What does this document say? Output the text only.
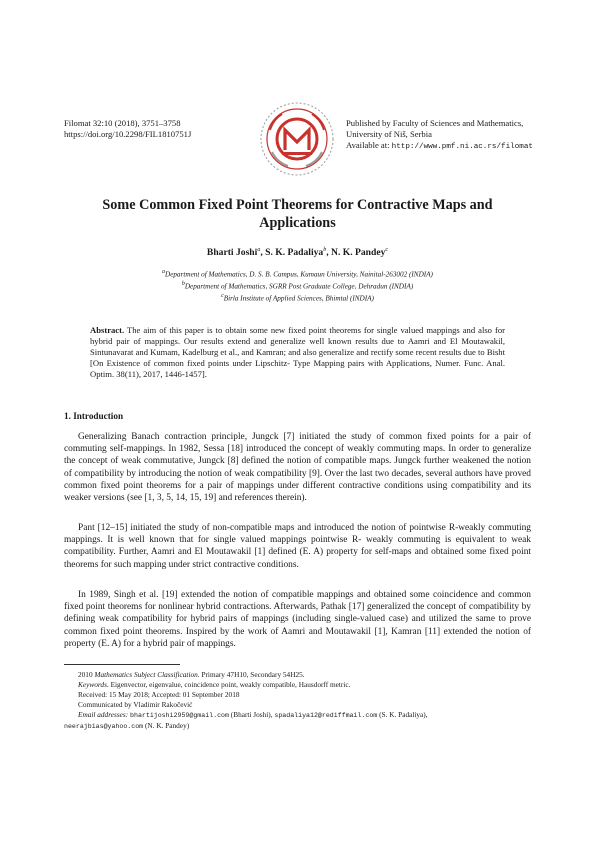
Filomat 32:10 (2018), 3751–3758
https://doi.org/10.2298/FIL1810751J
Published by Faculty of Sciences and Mathematics,
University of Niš, Serbia
Available at: http://www.pmf.ni.ac.rs/filomat
Some Common Fixed Point Theorems for Contractive Maps and
Applications
Bharti Joshi$^a$, S. K. Padaliya$^b$, N. K. Pandey$^c$
$^a$Department of Mathematics, D. S. B. Campus, Kumaun University, Nainital-263002 (INDIA)
$^b$Department of Mathematics, SGRR Post Graduate College, Dehradun (INDIA)
$^c$Birla Institute of Applied Sciences, Bhimtal (INDIA)
Abstract. The aim of this paper is to obtain some new fixed point theorems for single valued mappings and also for hybrid pair of mappings. Our results extend and generalize well known results due to Aamri and El Moutawakil, Sintunavarat and Kumam, Kadelburg et al., and Kamran; and also generalize and rectify some recent results due to Bisht [On Existence of common fixed points under Lipschitz- Type Mapping pairs with Applications, Numer. Func. Anal. Optim. 38(11), 2017, 1446-1457].
1. Introduction
Generalizing Banach contraction principle, Jungck [7] initiated the study of common fixed points for a pair of commuting self-mappings. In 1982, Sessa [18] introduced the concept of weakly commuting maps. In order to generalize the concept of weak commutative, Jungck [8] defined the notion of compatible maps. Jungck further weakened the notion of compatibility by introducing the notion of weak compatibility [9]. Over the last two decades, several authors have proved common fixed point theorems for a pair of mappings under different contractive conditions using compatibility and its weaker versions (see [1, 3, 5, 14, 15, 19] and references therein).
Pant [12–15] initiated the study of non-compatible maps and introduced the notion of pointwise R-weakly commuting mappings. It is well known that for single valued mappings pointwise R- weakly commuting is equivalent to weak compatibility. Further, Aamri and El Moutawakil [1] defined (E. A) property for self-maps and obtained some fixed point theorems for such mapping under strict contractive conditions.
In 1989, Singh et al. [19] extended the notion of compatible mappings and obtained some coincidence and common fixed point theorems for nonlinear hybrid contractions. Afterwards, Pathak [17] generalized the concept of compatibility by defining weak compatibility for hybrid pairs of mappings (including single-valued case) and utilized the same to prove common fixed point theorems. Inspired by the work of Aamri and Moutawakil [1], Kamran [11] extended the notion of property (E. A) for a hybrid pair of mappings.
2010 Mathematics Subject Classification. Primary 47H10, Secondary 54H25.
Keywords. Eigenvector, eigenvalue, coincidence point, weakly compatible, Hausdorff metric.
Received: 15 May 2018; Accepted: 01 September 2018
Communicated by Vladimir Rakočević
Email addresses: bhartijoshi2959@gmail.com (Bharti Joshi), spadaliya12@rediffmail.com (S. K. Padaliya),
neerajbias@yahoo.com (N. K. Pandey)
